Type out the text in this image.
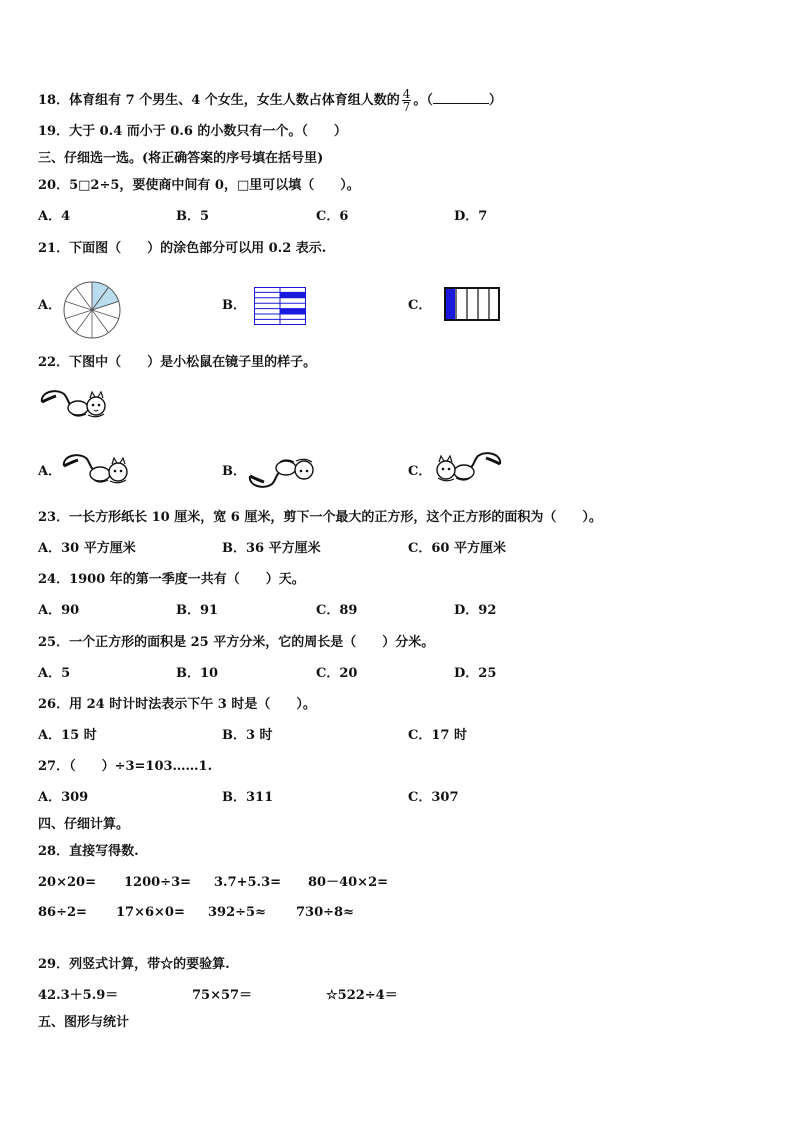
18．体育组有 7 个男生、4 个女生，女生人数占体育组人数的 $\frac{4}{7}$ 。（	）
19．大于 0.4 而小于 0.6 的小数只有一个。（　　）
三、仔细选一选。(将正确答案的序号填在括号里)
20．5□2÷5，要使商中间有 0，□里可以填（　　）。
A．4	B．5	C．6	D．7
21．下面图（　　）的涂色部分可以用 0.2 表示.
A．	B．	C．
22．下图中（　　）是小松鼠在镜子里的样子。
A．	B．	C．
23．一长方形纸长 10 厘米，宽 6 厘米，剪下一个最大的正方形，这个正方形的面积为（　　）。
A．30 平方厘米	B．36 平方厘米	C．60 平方厘米
24．1900 年的第一季度一共有（　　）天。
A．90	B．91	C．89	D．92
25．一个正方形的面积是 25 平方分米，它的周长是（　　）分米。
A．5	B．10	C．20	D．25
26．用 24 时计时法表示下午 3 时是（　　）。
A．15 时	B．3 时	C．17 时
27．（　　）÷3=103……1.
A．309	B．311	C．307
四、仔细计算。
28．直接写得数.
20×20= 1200÷3= 3.7+5.3= 80－40×2=
86÷2= 17×6×0= 392÷5≈ 730÷8≈
29．列竖式计算，带☆的要验算.
42.3＋5.9＝	75×57＝	☆522÷4＝
五、图形与统计
